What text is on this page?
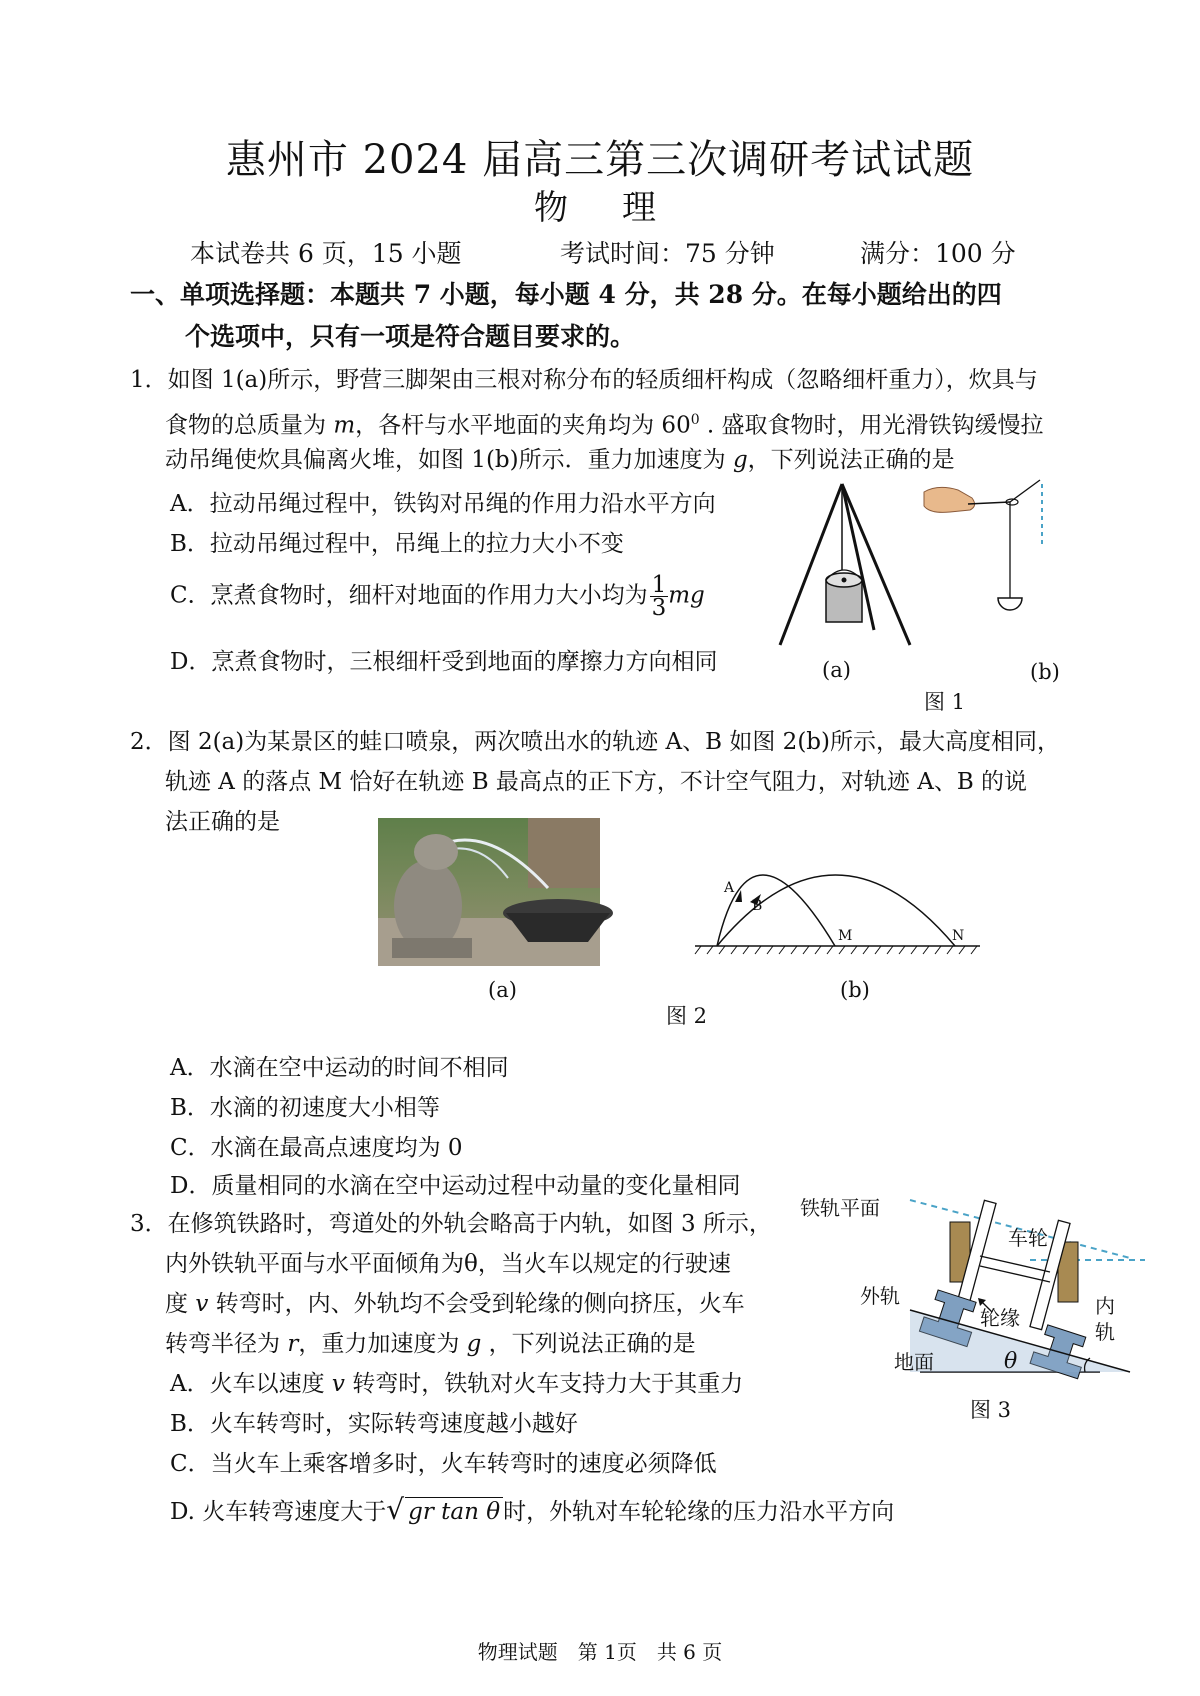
惠州市 2024 届高三第三次调研考试试题
物　理
本试卷共 6 页，15 小题	考试时间：75 分钟	满分：100 分
一、单项选择题：本题共 7 小题，每小题 4 分，共 28 分。在每小题给出的四
个选项中，只有一项是符合题目要求的。
1．如图 1(a)所示，野营三脚架由三根对称分布的轻质细杆构成（忽略细杆重力），炊具与
食物的总质量为 m，各杆与水平地面的夹角均为 $60^0$ . 盛取食物时，用光滑铁钩缓慢拉
动吊绳使炊具偏离火堆，如图 1(b)所示．重力加速度为 g，下列说法正确的是
A．拉动吊绳过程中，铁钩对吊绳的作用力沿水平方向
B．拉动吊绳过程中，吊绳上的拉力大小不变
C．烹煮食物时，细杆对地面的作用力大小均为 $\frac{1}{3}$ mg
D．烹煮食物时，三根细杆受到地面的摩擦力方向相同	(a)	(b)
图 1
2．图 2(a)为某景区的蛙口喷泉，两次喷出水的轨迹 A、B 如图 2(b)所示，最大高度相同，
轨迹 A 的落点 M 恰好在轨迹 B 最高点的正下方，不计空气阻力，对轨迹 A、B 的说
法正确的是
(a)
A
B
M	N
(b)
图 2
A．水滴在空中运动的时间不相同
B．水滴的初速度大小相等
C．水滴在最高点速度均为 0
D．质量相同的水滴在空中运动过程中动量的变化量相同
3．在修筑铁路时，弯道处的外轨会略高于内轨，如图 3 所示，
内外铁轨平面与水平面倾角为θ，当火车以规定的行驶速
度 v 转弯时，内、外轨均不会受到轮缘的侧向挤压，火车
转弯半径为 r，重力加速度为 g ，下列说法正确的是
A．火车以速度 v 转弯时，铁轨对火车支持力大于其重力
B．火车转弯时，实际转弯速度越小越好
C．当火车上乘客增多时，火车转弯时的速度必须降低
D. 火车转弯速度大于√ gr tan θ 时，外轨对车轮轮缘的压力沿水平方向
铁轨平面
车轮
外轨
轮缘	内
轨
地面	θ
图 3
物理试题　第 1页　共 6 页
